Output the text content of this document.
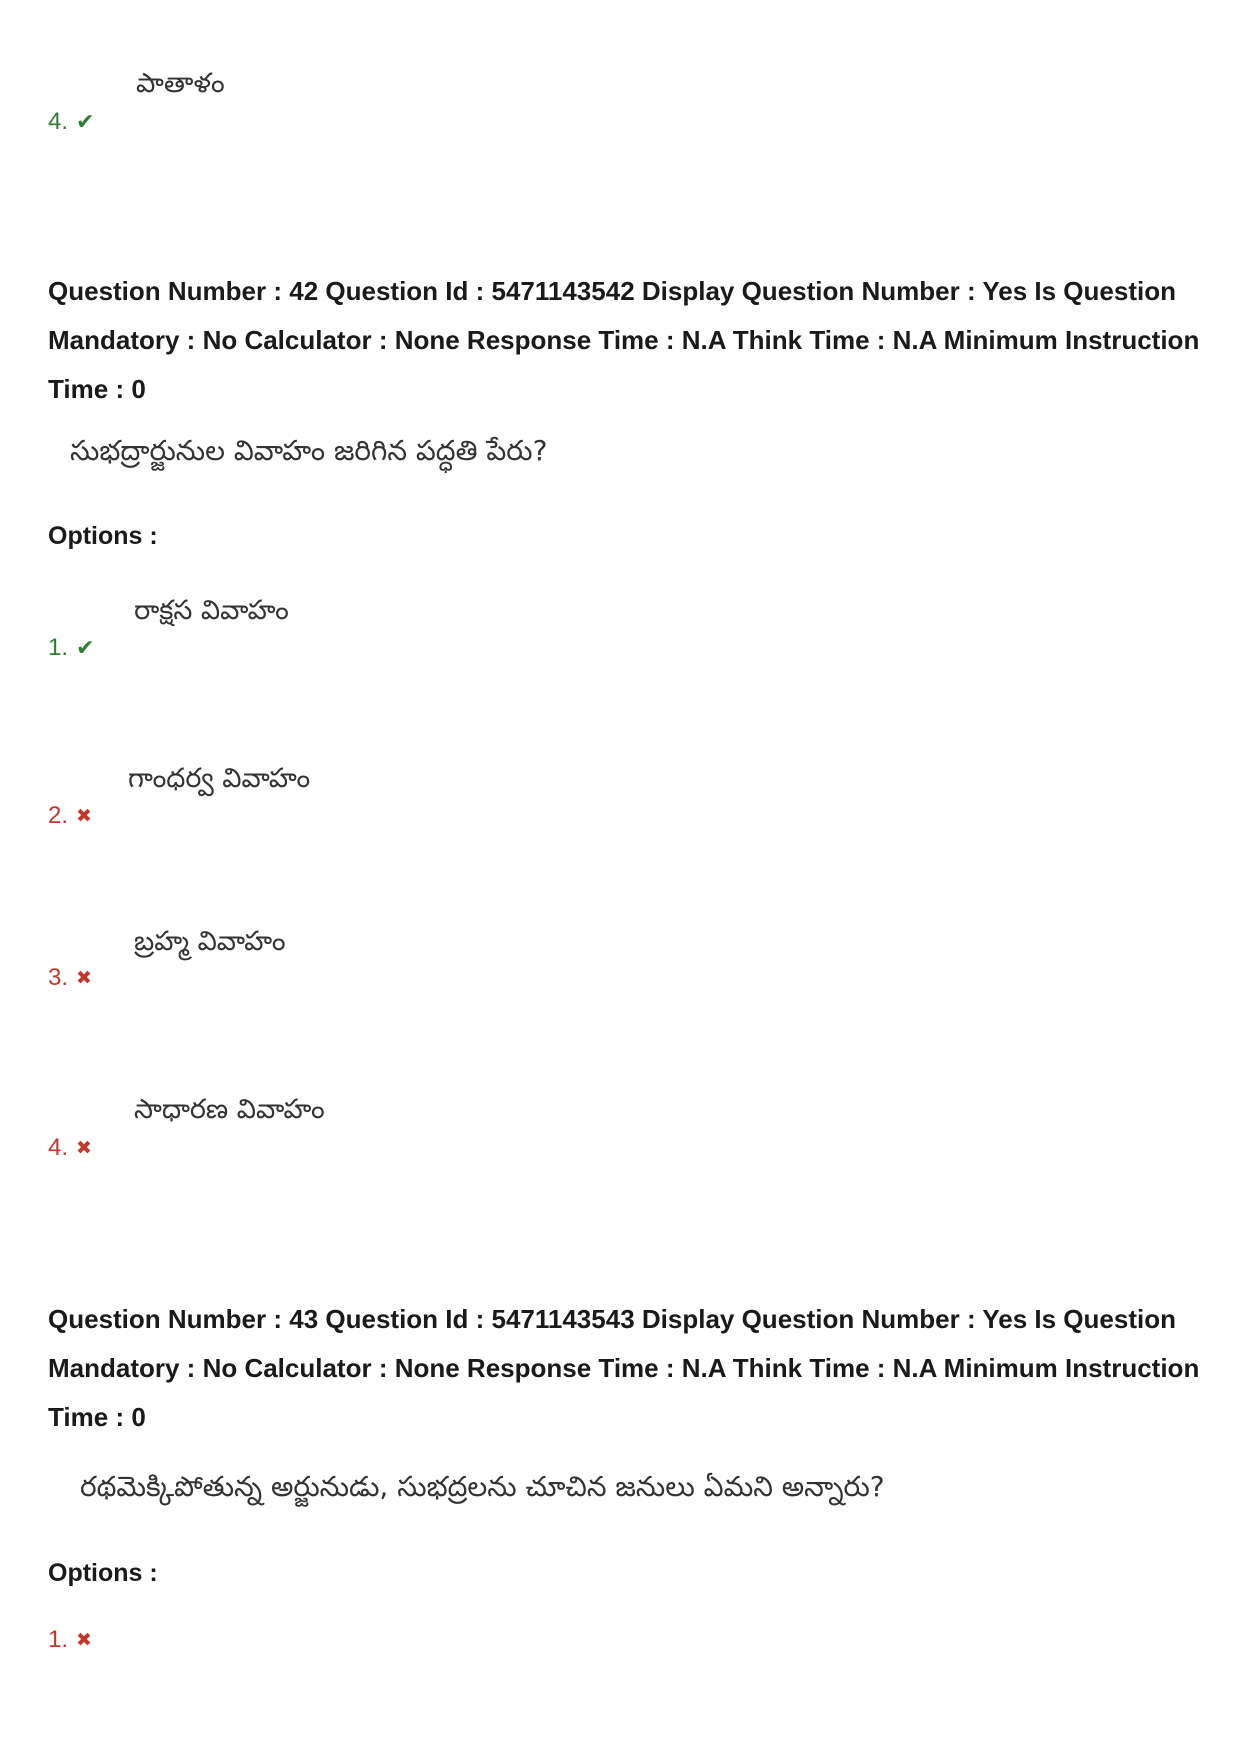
పాతాళం
4. ✔
Question Number : 42 Question Id : 5471143542 Display Question Number : Yes Is Question Mandatory : No Calculator : None Response Time : N.A Think Time : N.A Minimum Instruction Time : 0
సుభద్రార్జునుల వివాహం జరిగిన పద్ధతి పేరు?
Options :
రాక్షస వివాహం
1. ✔
గాంధర్వ వివాహం
2. ✖
బ్రహ్మ వివాహం
3. ✖
సాధారణ వివాహం
4. ✖
Question Number : 43 Question Id : 5471143543 Display Question Number : Yes Is Question Mandatory : No Calculator : None Response Time : N.A Think Time : N.A Minimum Instruction Time : 0
రథమెక్కిపోతున్న అర్జునుడు, సుభద్రలను చూచిన జనులు ఏమని అన్నారు?
Options :
1. ✖
